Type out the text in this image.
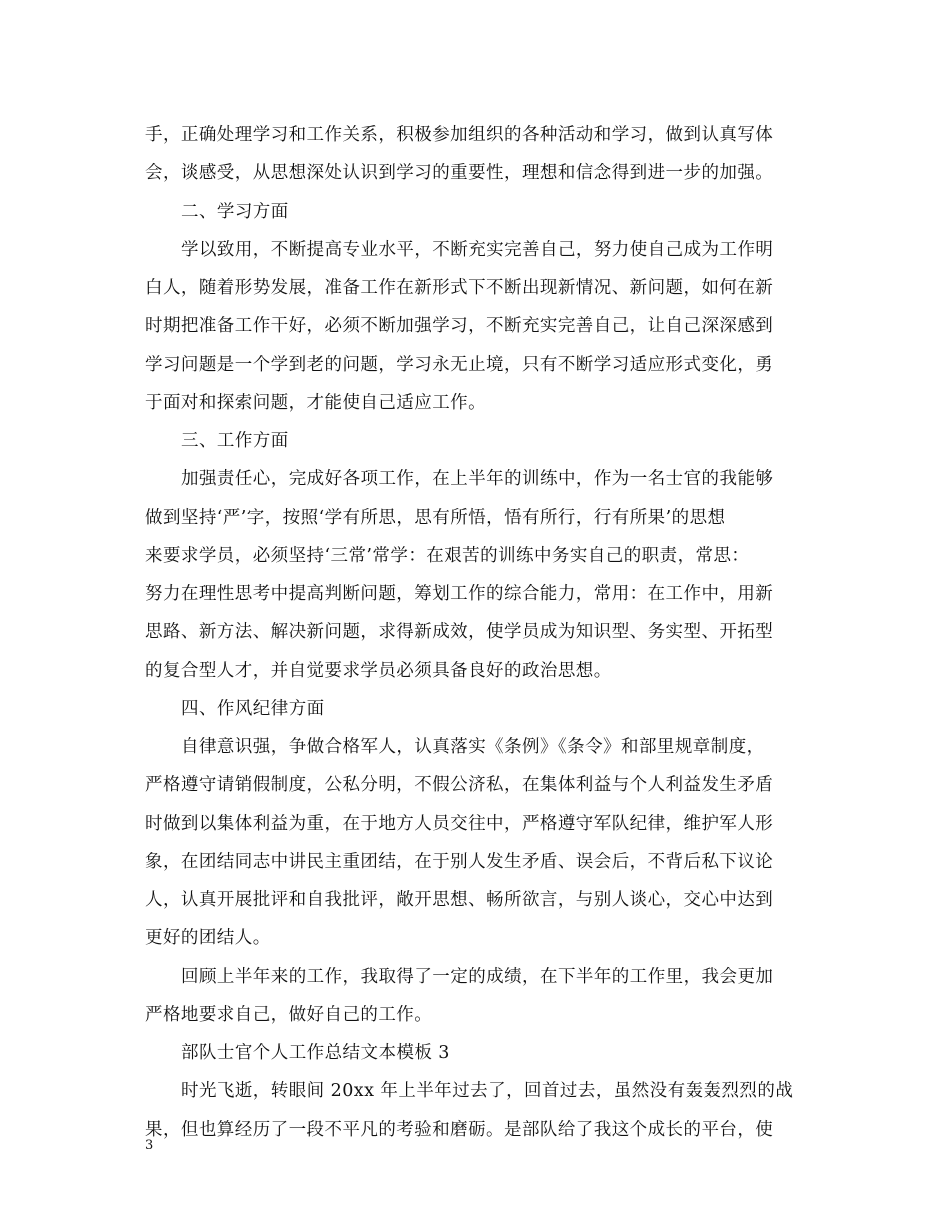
手，正确处理学习和工作关系，积极参加组织的各种活动和学习，做到认真写体
会，谈感受，从思想深处认识到学习的重要性，理想和信念得到进一步的加强。
二、学习方面
学以致用，不断提高专业水平，不断充实完善自己，努力使自己成为工作明
白人，随着形势发展，准备工作在新形式下不断出现新情况、新问题，如何在新
时期把准备工作干好，必须不断加强学习，不断充实完善自己，让自己深深感到
学习问题是一个学到老的问题，学习永无止境，只有不断学习适应形式变化，勇
于面对和探索问题，才能使自己适应工作。
三、工作方面
加强责任心，完成好各项工作，在上半年的训练中，作为一名士官的我能够
做到坚持‘严’字，按照‘学有所思，思有所悟，悟有所行，行有所果’的思想
来要求学员，必须坚持‘三常’常学：在艰苦的训练中务实自己的职责，常思：
努力在理性思考中提高判断问题，筹划工作的综合能力，常用：在工作中，用新
思路、新方法、解决新问题，求得新成效，使学员成为知识型、务实型、开拓型
的复合型人才，并自觉要求学员必须具备良好的政治思想。
四、作风纪律方面
自律意识强，争做合格军人，认真落实《条例》《条令》和部里规章制度，
严格遵守请销假制度，公私分明，不假公济私，在集体利益与个人利益发生矛盾
时做到以集体利益为重，在于地方人员交往中，严格遵守军队纪律，维护军人形
象，在团结同志中讲民主重团结，在于别人发生矛盾、误会后，不背后私下议论
人，认真开展批评和自我批评，敞开思想、畅所欲言，与别人谈心，交心中达到
更好的团结人。
回顾上半年来的工作，我取得了一定的成绩，在下半年的工作里，我会更加
严格地要求自己，做好自己的工作。
部队士官个人工作总结文本模板 3
时光飞逝，转眼间 20xx 年上半年过去了，回首过去，虽然没有轰轰烈烈的战
果，但也算经历了一段不平凡的考验和磨砺。是部队给了我这个成长的平台，使
3
